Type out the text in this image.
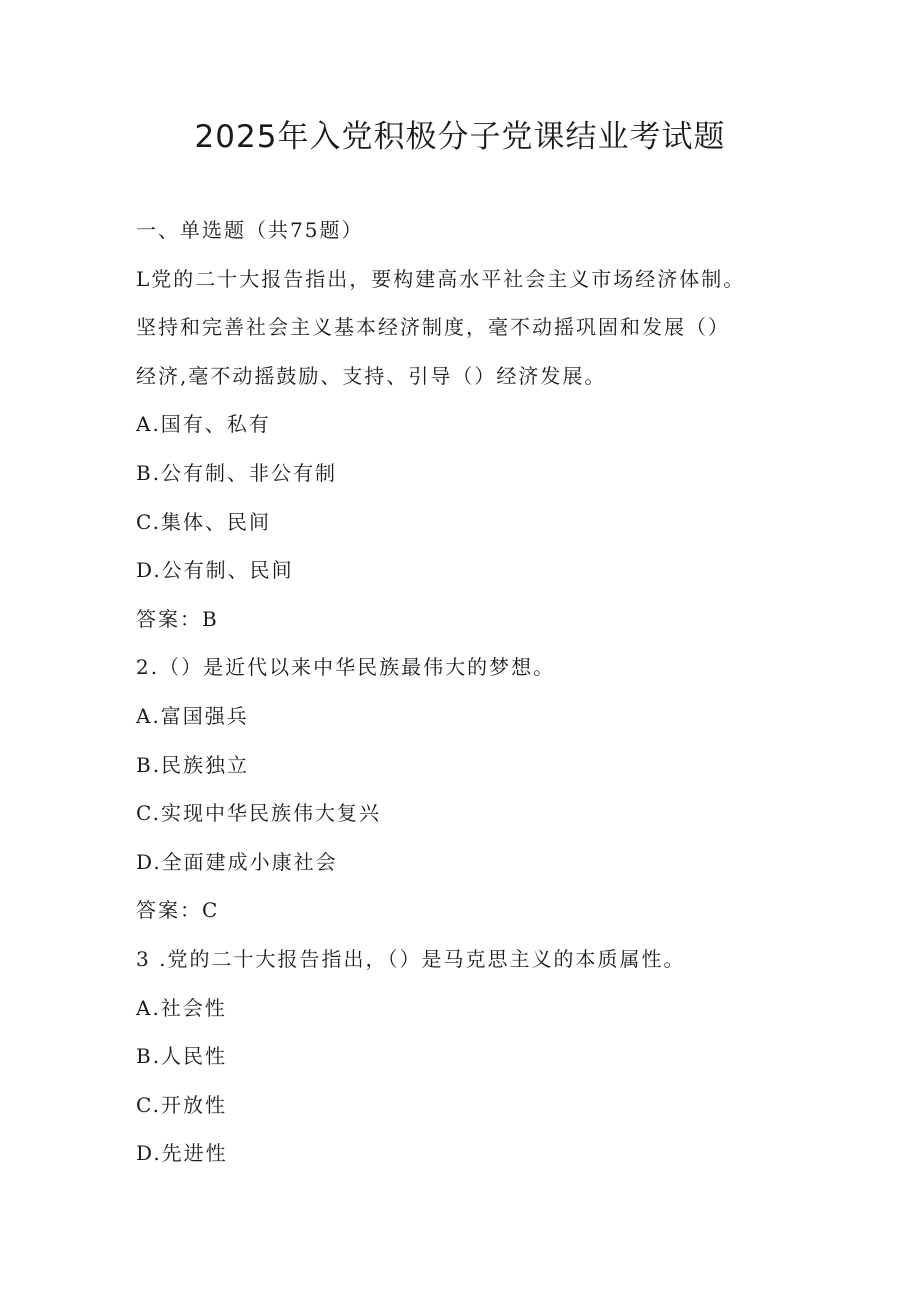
2025年入党积极分子党课结业考试题
一、单选题（共75题）
L党的二十大报告指出，要构建高水平社会主义市场经济体制。
坚持和完善社会主义基本经济制度，毫不动摇巩固和发展（）
经济,毫不动摇鼓励、支持、引导（）经济发展。
A.国有、私有
B.公有制、非公有制
C.集体、民间
D.公有制、民间
答案：B
2.（）是近代以来中华民族最伟大的梦想。
A.富国强兵
B.民族独立
C.实现中华民族伟大复兴
D.全面建成小康社会
答案：C
3 .党的二十大报告指出，（）是马克思主义的本质属性。
A.社会性
B.人民性
C.开放性
D.先进性
